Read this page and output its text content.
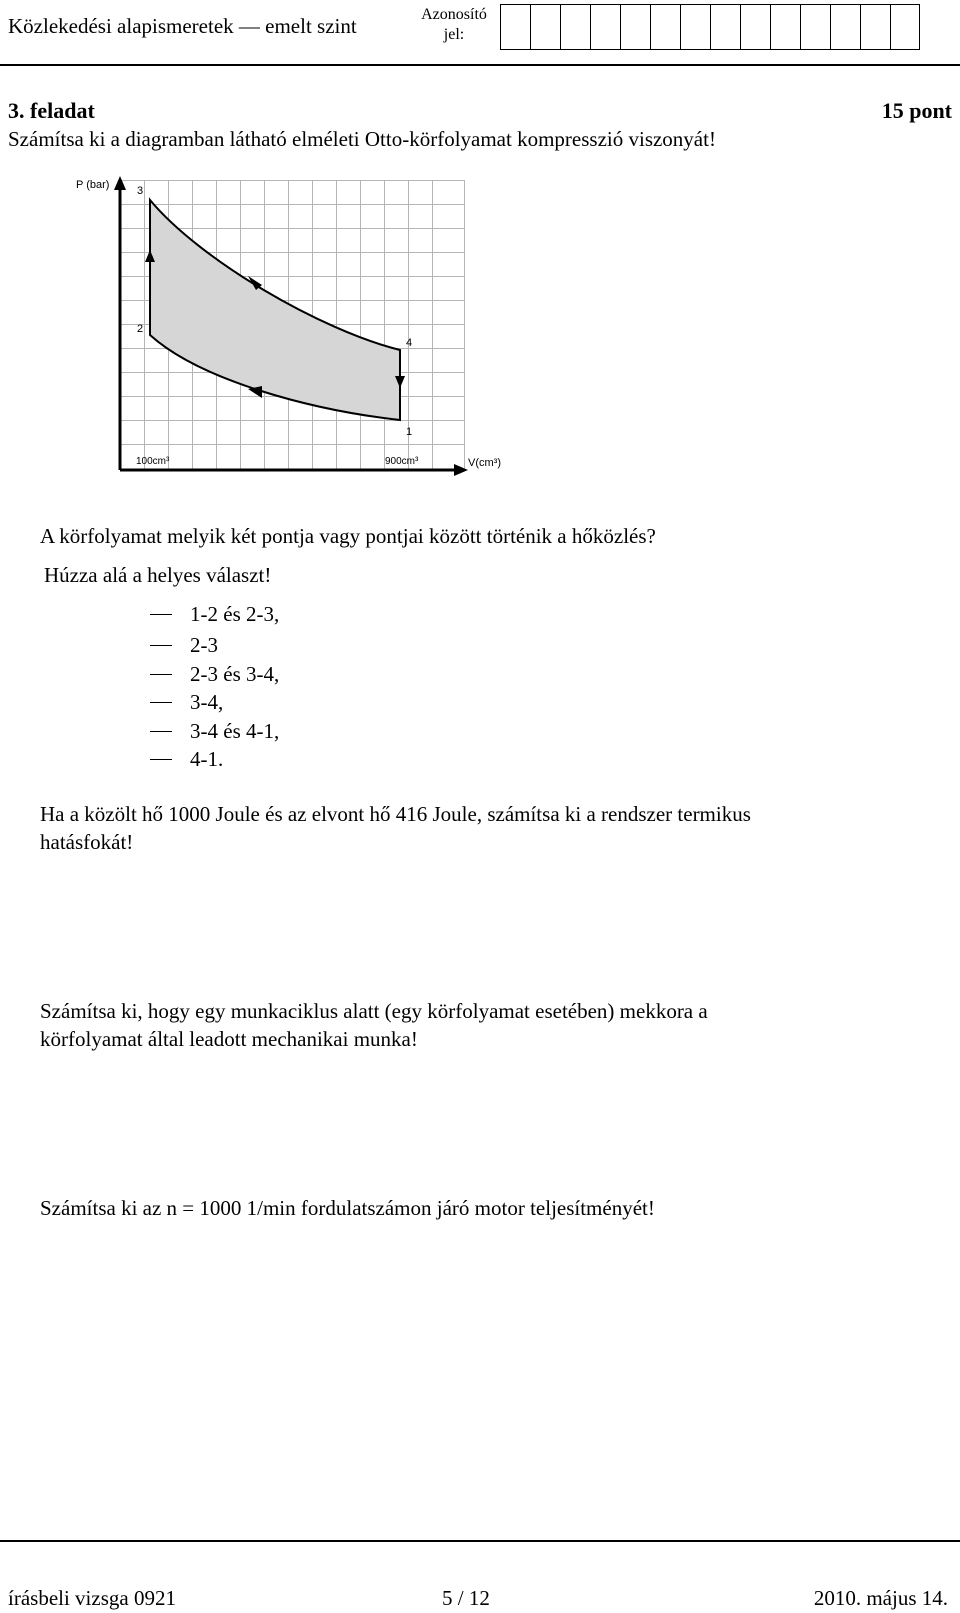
Közlekedési alapismeretek — emelt szint	Azonosító jel:
3. feladat	15 pont
Számítsa ki a diagramban látható elméleti Otto-körfolyamat kompresszió viszonyát!
P (bar)	3
2
4
1
100cm³	900cm³	V(cm³)
A körfolyamat melyik két pontja vagy pontjai között történik a hőközlés?
Húzza alá a helyes választ!
1-2 és 2-3,
2-3
2-3 és 3-4,
3-4,
3-4 és 4-1,
4-1.
Ha a közölt hő 1000 Joule és az elvont hő 416 Joule, számítsa ki a rendszer termikus
hatásfokát!
Számítsa ki, hogy egy munkaciklus alatt (egy körfolyamat esetében) mekkora a
körfolyamat által leadott mechanikai munka!
Számítsa ki az n = 1000 1/min fordulatszámon járó motor teljesítményét!
írásbeli vizsga 0921	5 / 12	2010. május 14.
